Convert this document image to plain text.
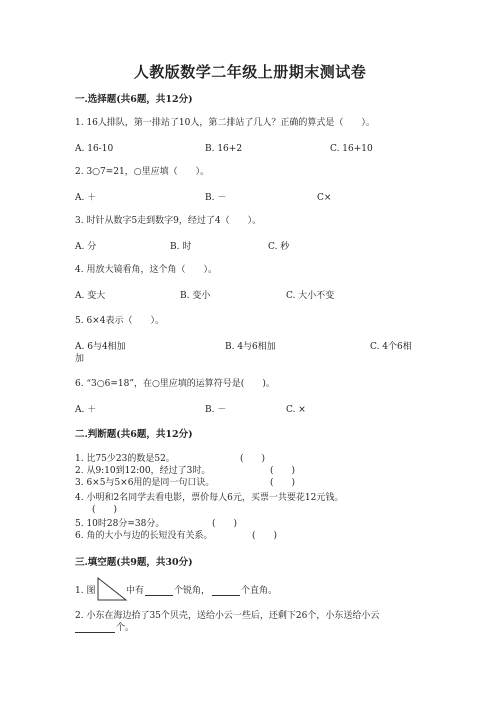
人教版数学二年级上册期末测试卷
一.选择题(共6题，共12分)
1. 16人排队，第一排站了10人，第二排站了几人？正确的算式是（　　）。
A. 16-10	B. 16+2	C. 16+10
2. 3○7=21，○里应填（　　）。
A. ＋	B. －	C×
3. 时针从数字5走到数字9，经过了4（　　）。
A. 分	B. 时	C. 秒
4. 用放大镜看角，这个角（　　）。
A. 变大	B. 变小	C. 大小不变
5. 6×4表示（　　）。
A. 6与4相加	B. 4与6相加	C. 4个6相
加
6. “3○6=18”，在○里应填的运算符号是(　　)。
A. ＋	B. －	C. ×
二.判断题(共6题，共12分)
1. 比75少23的数是52。	(　　)
2. 从9:10到12:00，经过了3时。	(　　)
3. 6×5与5×6用的是同一句口诀。	(　　)
4. 小明和2名同学去看电影，票价每人6元，买票一共要花12元钱。
(　　)
5. 10时28分=38分。	(　　)
6. 角的大小与边的长短没有关系。	(　　)
三.填空题(共9题，共30分)
1. 图	中有	个锐角，	个直角。
2. 小东在海边拾了35个贝壳，送给小云一些后，还剩下26个，小东送给小云
个。
